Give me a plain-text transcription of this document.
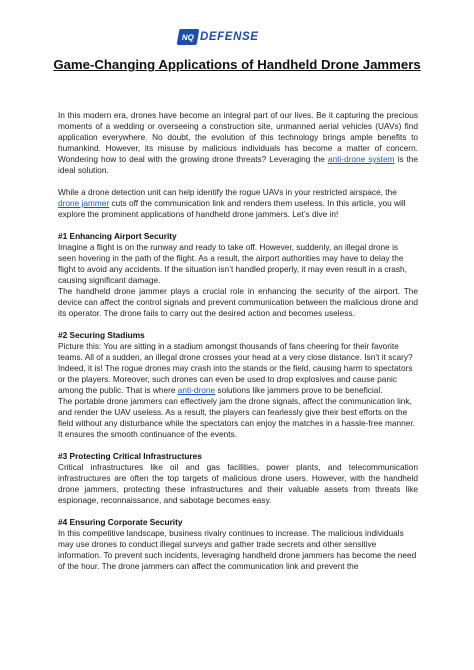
NQ DEFENSE
Game-Changing Applications of Handheld Drone Jammers

In this modern era, drones have become an integral part of our lives. Be it capturing the precious moments of a wedding or overseeing a construction site, unmanned aerial vehicles (UAVs) find application everywhere. No doubt, the evolution of this technology brings ample benefits to humankind. However, its misuse by malicious individuals has become a matter of concern. Wondering how to deal with the growing drone threats? Leveraging the anti-drone system is the ideal solution.

While a drone detection unit can help identify the rogue UAVs in your restricted airspace, the drone jammer cuts off the communication link and renders them useless. In this article, you will explore the prominent applications of handheld drone jammers. Let’s dive in!

#1 Enhancing Airport Security

Imagine a flight is on the runway and ready to take off. However, suddenly, an illegal drone is seen hovering in the path of the flight. As a result, the airport authorities may have to delay the flight to avoid any accidents. If the situation isn’t handled properly, it may even result in a crash, causing significant damage.

The handheld drone jammer plays a crucial role in enhancing the security of the airport. The device can affect the control signals and prevent communication between the malicious drone and its operator. The drone fails to carry out the desired action and becomes useless.

#2 Securing Stadiums

Picture this: You are sitting in a stadium amongst thousands of fans cheering for their favorite teams. All of a sudden, an illegal drone crosses your head at a very close distance. Isn’t it scary? Indeed, it is! The rogue drones may crash into the stands or the field, causing harm to spectators or the players. Moreover, such drones can even be used to drop explosives and cause panic among the public. That is where anti-drone solutions like jammers prove to be beneficial.

The portable drone jammers can effectively jam the drone signals, affect the communication link, and render the UAV useless. As a result, the players can fearlessly give their best efforts on the field without any disturbance while the spectators can enjoy the matches in a hassle-free manner. It ensures the smooth continuance of the events.

#3 Protecting Critical Infrastructures

Critical infrastructures like oil and gas facilities, power plants, and telecommunication infrastructures are often the top targets of malicious drone users. However, with the handheld drone jammers, protecting these infrastructures and their valuable assets from threats like espionage, reconnaissance, and sabotage becomes easy.

#4 Ensuring Corporate Security

In this competitive landscape, business rivalry continues to increase. The malicious individuals may use drones to conduct illegal surveys and gather trade secrets and other sensitive information. To prevent such incidents, leveraging handheld drone jammers has become the need of the hour. The drone jammers can affect the communication link and prevent the
